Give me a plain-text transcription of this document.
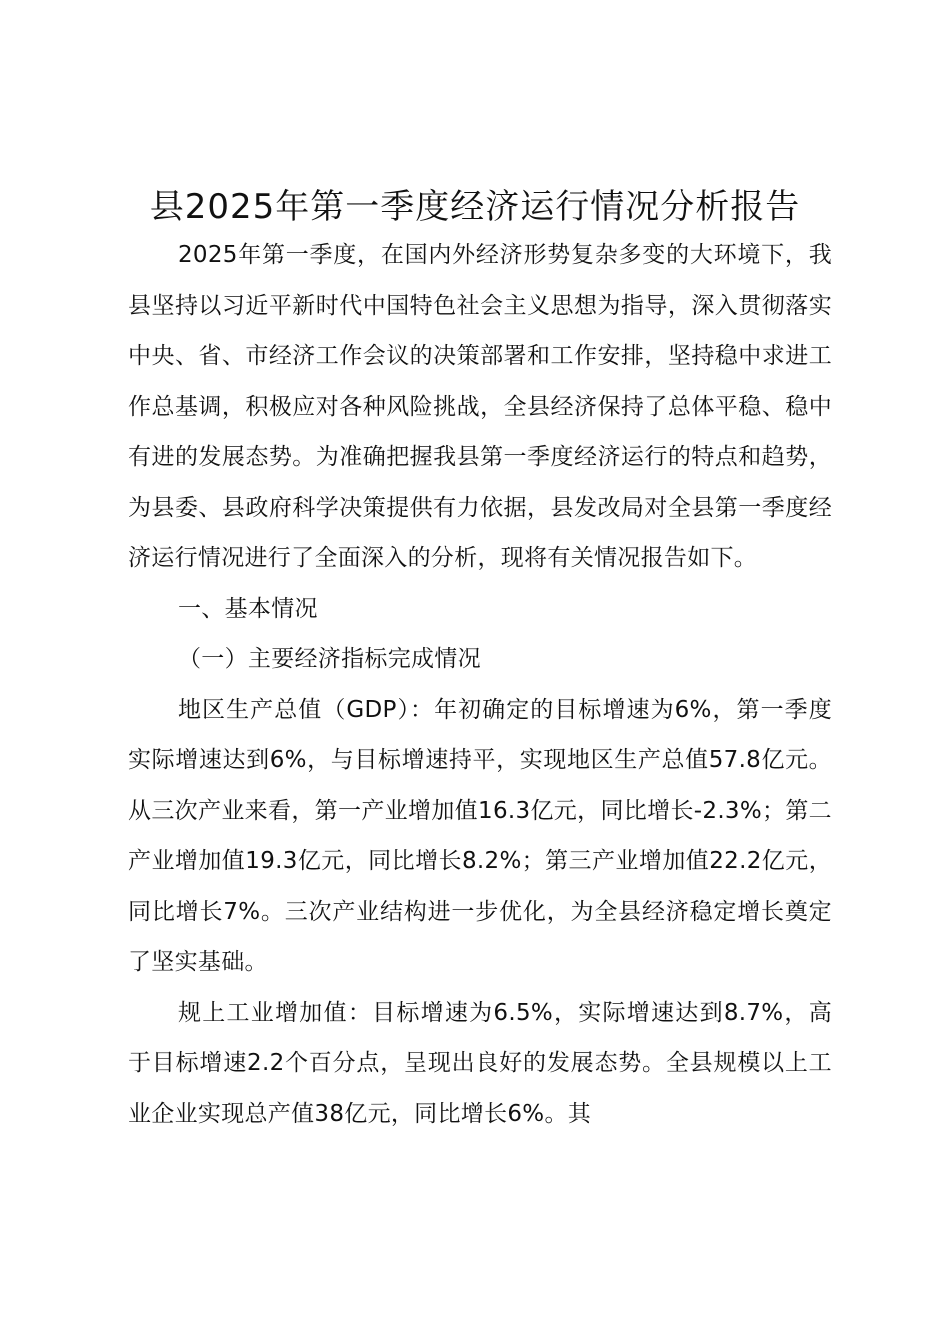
县2025年第一季度经济运行情况分析报告

2025年第一季度，在国内外经济形势复杂多变的大环境下，我县坚持以习近平新时代中国特色社会主义思想为指导，深入贯彻落实中央、省、市经济工作会议的决策部署和工作安排，坚持稳中求进工作总基调，积极应对各种风险挑战，全县经济保持了总体平稳、稳中有进的发展态势。为准确把握我县第一季度经济运行的特点和趋势，为县委、县政府科学决策提供有力依据，县发改局对全县第一季度经济运行情况进行了全面深入的分析，现将有关情况报告如下。

一、基本情况

（一）主要经济指标完成情况

地区生产总值（GDP）：年初确定的目标增速为6%，第一季度实际增速达到6%，与目标增速持平，实现地区生产总值57.8亿元。从三次产业来看，第一产业增加值16.3亿元，同比增长-2.3%；第二产业增加值19.3亿元，同比增长8.2%；第三产业增加值22.2亿元，同比增长7%。三次产业结构进一步优化，为全县经济稳定增长奠定了坚实基础。

规上工业增加值：目标增速为6.5%，实际增速达到8.7%，高于目标增速2.2个百分点，呈现出良好的发展态势。全县规模以上工业企业实现总产值38亿元，同比增长6%。其
